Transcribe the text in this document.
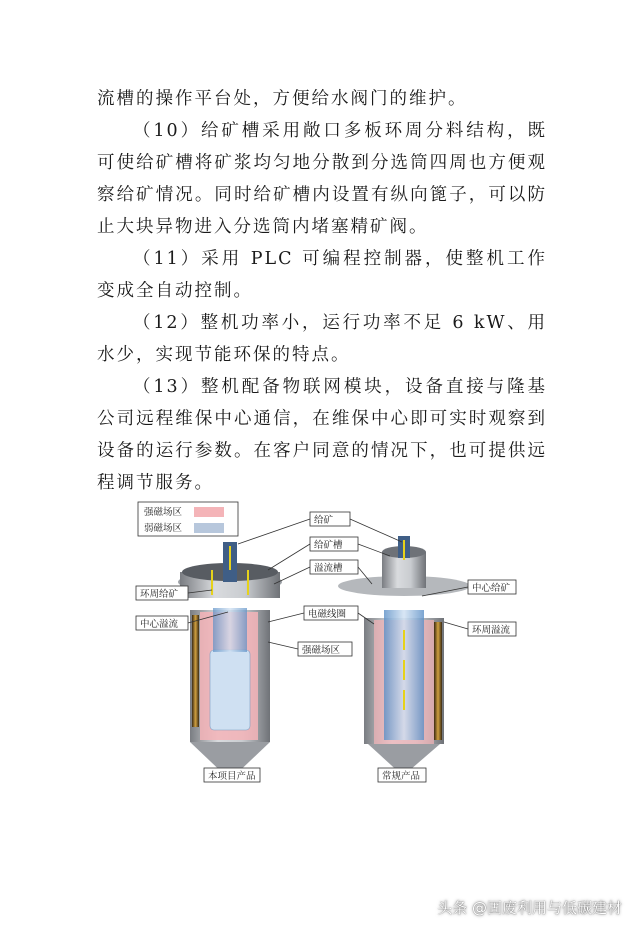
流槽的操作平台处，方便给水阀门的维护。

（10）给矿槽采用敞口多板环周分料结构，既可使给矿槽将矿浆均匀地分散到分选筒四周也方便观察给矿情况。同时给矿槽内设置有纵向篦子，可以防止大块异物进入分选筒内堵塞精矿阀。

（11）采用 PLC 可编程控制器，使整机工作变成全自动控制。

（12）整机功率小，运行功率不足 6 kW、用水少，实现节能环保的特点。

（13）整机配备物联网模块，设备直接与隆基公司远程维保中心通信，在维保中心即可实时观察到设备的运行参数。在客户同意的情况下，也可提供远程调节服务。

强磁场区
弱磁场区
给矿
给矿槽
溢流槽
环周给矿
中心溢流
电磁线圈
强磁场区
中心给矿
环周溢流
本项目产品	常规产品
头条 @固废利用与低碳建材
